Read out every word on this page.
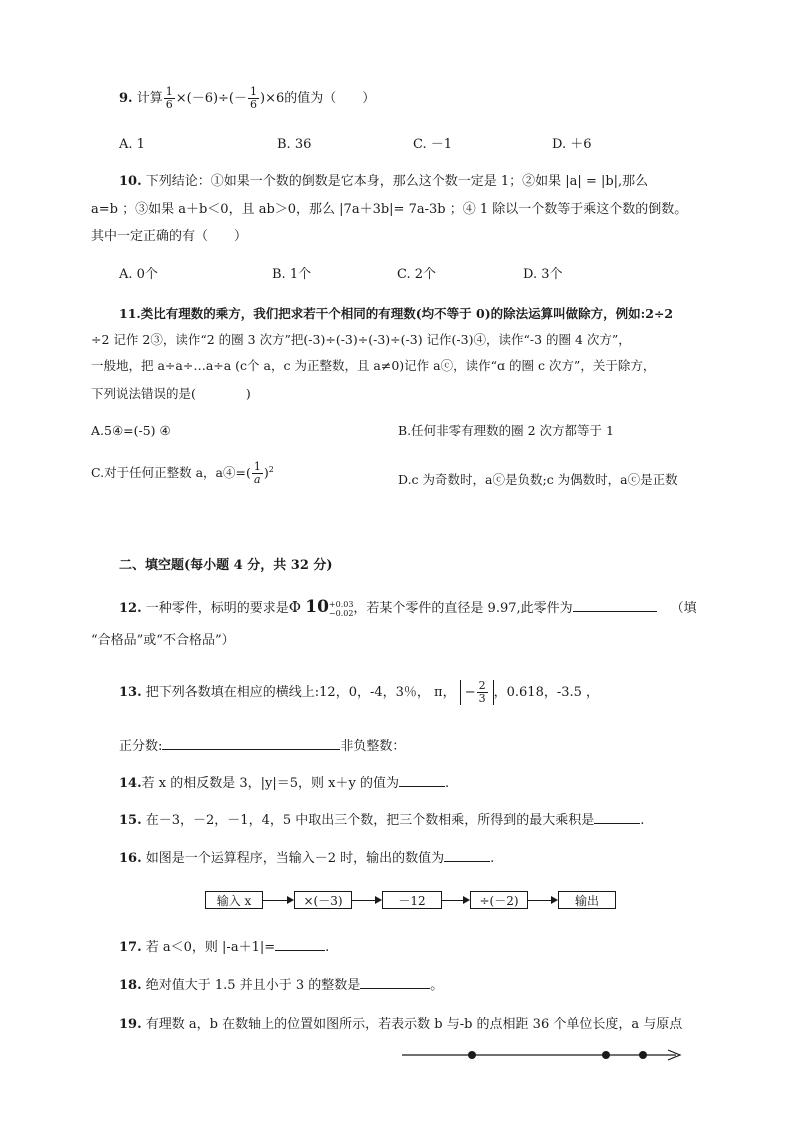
9. 计算 $\frac{1}{6} \times(-6)\div(- \frac{1}{6} )\times 6$的值为（　　）
A. 1	B. 36	C. －1	D. ＋6
10. 下列结论：①如果一个数的倒数是它本身，那么这个数一定是 1；②如果 |a| = |b|,那么
a=b ；③如果 a＋b＜0，且 ab＞0，那么 |7a＋3b|= 7a-3b ；④ 1 除以一个数等于乘这个数的倒数。
其中一定正确的有（　　）
A. 0个	B. 1个	C. 2个	D. 3个
11.类比有理数的乘方，我们把求若干个相同的有理数(均不等于 0)的除法运算叫做除方，例如:2÷2
÷2 记作 2③，读作“2 的圈 3 次方”把(-3)÷(-3)÷(-3)÷(-3) 记作(-3)④，读作“-3 的圈 4 次方”，
一般地，把 a÷a÷…a÷a (c个 a，c 为正整数，且 a≠0)记作 aⓒ，读作“ɑ 的圈 c 次方”，关于除方，
下列说法错误的是(　　　　)
A.5④=(-5) ④	B.任何非零有理数的圈 2 次方都等于 1
C.对于任何正整数 a，a④=( $\frac{1}{a} )^2$
D.c 为奇数时，aⓒ是负数;c 为偶数时，aⓒ是正数
二、填空题(每小题 4 分，共 32 分)
12. 一种零件，标明的要求是Φ 10 +0.03
−0.02 ，若某个零件的直径是 9.97,此零件为	（填
“合格品”或“不合格品”）
13. 把下列各数填在相应的横线上:12，0，-4，3％， π， − $\frac{2}{3}$ ，0.618，-3.5 ，
正分数:	非负整数：
14.若 x 的相反数是 3，|y|＝5，则 x＋y 的值为	.
15. 在－3，－2，－1，4，5 中取出三个数，把三个数相乘，所得到的最大乘积是	.
16. 如图是一个运算程序，当输入－2 时，输出的数值为	.
输入 x	×(－3)	－12	÷(－2)	输出
17. 若 a＜0，则 |-a＋1|=	.
18. 绝对值大于 1.5 并且小于 3 的整数是	。
19. 有理数 a，b 在数轴上的位置如图所示，若表示数 b 与-b 的点相距 36 个单位长度，a 与原点
